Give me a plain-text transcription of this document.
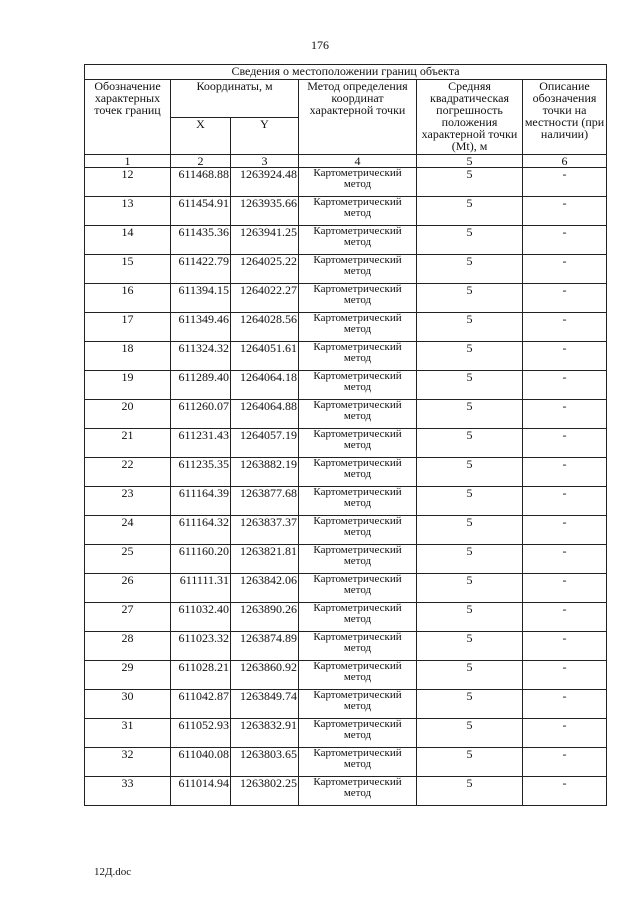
176
Сведения о местоположении границ объекта					
Обозначение характерных точек границ	Координаты, м		Метод определения координат характерной точки	Средняя квадратическая погрешность положения характерной точки (Mt), м	Описание обозначения точки на местности (при наличии)
	X	Y			
1	2	3	4	5	6
12	611468.88	1263924.48	Картометрический метод	5	-
13	611454.91	1263935.66	Картометрический метод	5	-
14	611435.36	1263941.25	Картометрический метод	5	-
15	611422.79	1264025.22	Картометрический метод	5	-
16	611394.15	1264022.27	Картометрический метод	5	-
17	611349.46	1264028.56	Картометрический метод	5	-
18	611324.32	1264051.61	Картометрический метод	5	-
19	611289.40	1264064.18	Картометрический метод	5	-
20	611260.07	1264064.88	Картометрический метод	5	-
21	611231.43	1264057.19	Картометрический метод	5	-
22	611235.35	1263882.19	Картометрический метод	5	-
23	611164.39	1263877.68	Картометрический метод	5	-
24	611164.32	1263837.37	Картометрический метод	5	-
25	611160.20	1263821.81	Картометрический метод	5	-
26	611111.31	1263842.06	Картометрический метод	5	-
27	611032.40	1263890.26	Картометрический метод	5	-
28	611023.32	1263874.89	Картометрический метод	5	-
29	611028.21	1263860.92	Картометрический метод	5	-
30	611042.87	1263849.74	Картометрический метод	5	-
31	611052.93	1263832.91	Картометрический метод	5	-
32	611040.08	1263803.65	Картометрический метод	5	-
33	611014.94	1263802.25	Картометрический метод	5	-
12Д.doc
